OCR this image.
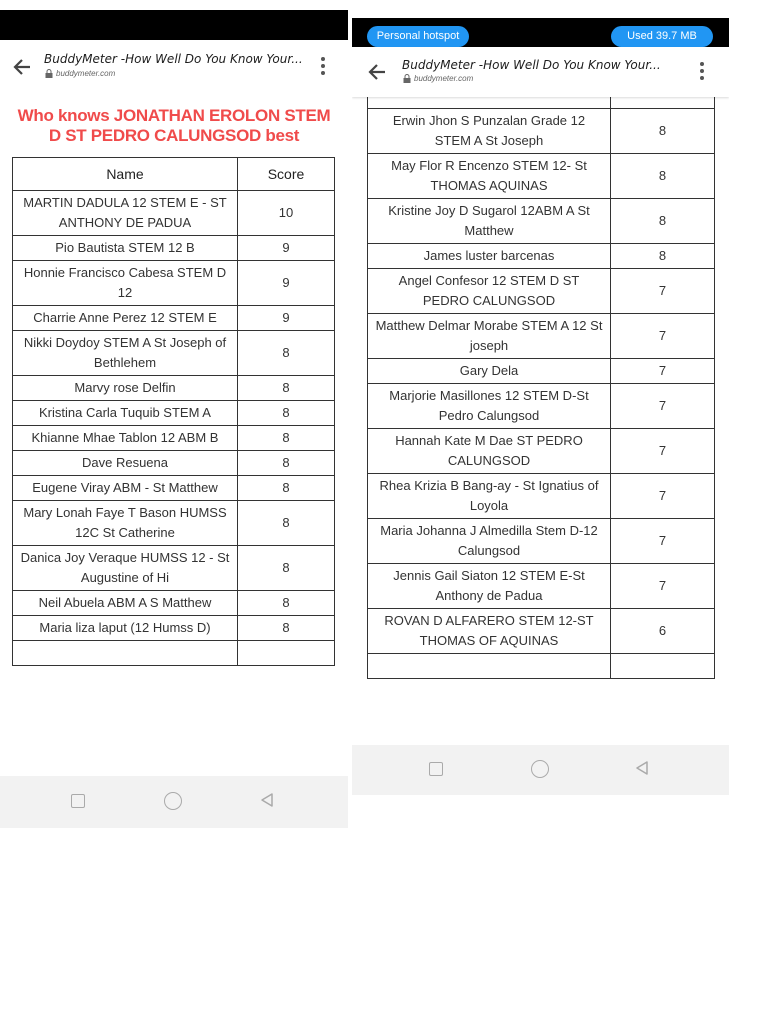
Who knows JONATHAN EROLON STEM D ST PEDRO CALUNGSOD best
Name	Score
MARTIN DADULA 12 STEM E - ST ANTHONY DE PADUA	10
Pio Bautista STEM 12 B	9
Honnie Francisco Cabesa STEM D 12	9
Charrie Anne Perez 12 STEM E	9
Nikki Doydoy STEM A St Joseph of Bethlehem	8
Marvy rose Delfin	8
Kristina Carla Tuquib STEM A	8
Khianne Mhae Tablon 12 ABM B	8
Dave Resuena	8
Eugene Viray ABM - St Matthew	8
Mary Lonah Faye T Bason HUMSS 12C St Catherine	8
Danica Joy Veraque HUMSS 12 - St Augustine of Hi	8
Neil Abuela ABM A S Matthew	8
Maria liza laput (12 Humss D)	8

BuddyMeter -How Well Do You Know Your...
buddymeter.com
Personal hotspot	Used 39.7 MB
BuddyMeter -How Well Do You Know Your...
buddymeter.com

Erwin Jhon S Punzalan Grade 12 STEM A St Joseph	8
May Flor R Encenzo STEM 12- St THOMAS AQUINAS	8
Kristine Joy D Sugarol 12ABM A St Matthew	8
James luster barcenas	8
Angel Confesor 12 STEM D ST PEDRO CALUNGSOD	7
Matthew Delmar Morabe STEM A 12 St joseph	7
Gary Dela	7
Marjorie Masillones 12 STEM D-St Pedro Calungsod	7
Hannah Kate M Dae ST PEDRO CALUNGSOD	7
Rhea Krizia B Bang-ay - St Ignatius of Loyola	7
Maria Johanna J Almedilla Stem D-12 Calungsod	7
Jennis Gail Siaton 12 STEM E-St Anthony de Padua	7
ROVAN D ALFARERO STEM 12-ST THOMAS OF AQUINAS	6
